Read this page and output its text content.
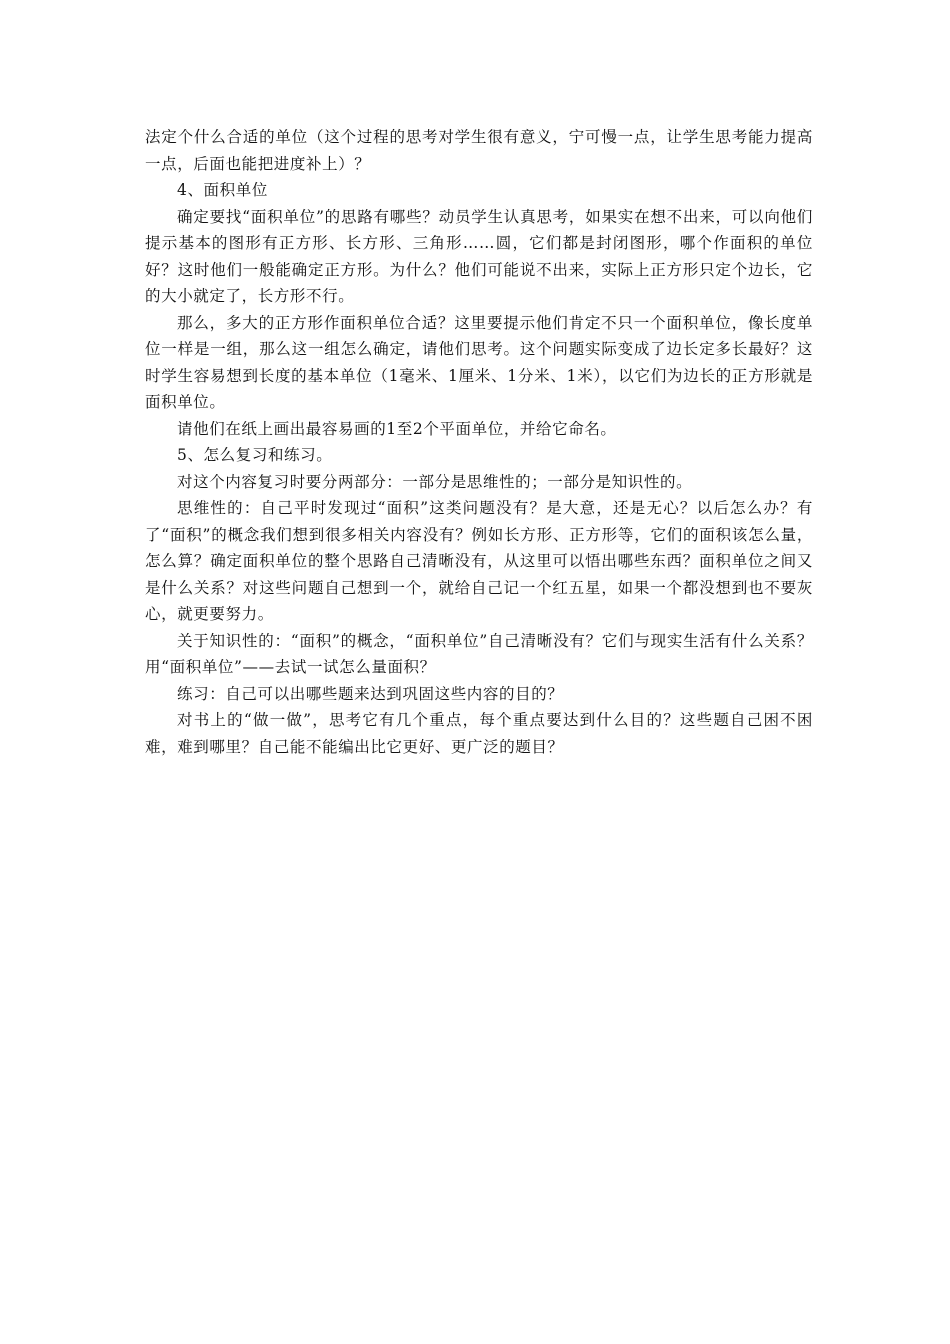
法定个什么合适的单位（这个过程的思考对学生很有意义，宁可慢一点，让学生思考能力提高一点，后面也能把进度补上）？

4、面积单位

确定要找“面积单位”的思路有哪些？动员学生认真思考，如果实在想不出来，可以向他们提示基本的图形有正方形、长方形、三角形……圆，它们都是封闭图形，哪个作面积的单位好？这时他们一般能确定正方形。为什么？他们可能说不出来，实际上正方形只定个边长，它的大小就定了，长方形不行。

那么，多大的正方形作面积单位合适？这里要提示他们肯定不只一个面积单位，像长度单位一样是一组，那么这一组怎么确定，请他们思考。这个问题实际变成了边长定多长最好？这时学生容易想到长度的基本单位（1毫米、1厘米、1分米、1米），以它们为边长的正方形就是面积单位。

请他们在纸上画出最容易画的1至2个平面单位，并给它命名。

5、怎么复习和练习。

对这个内容复习时要分两部分：一部分是思维性的；一部分是知识性的。

思维性的：自己平时发现过“面积”这类问题没有？是大意，还是无心？以后怎么办？有了“面积”的概念我们想到很多相关内容没有？例如长方形、正方形等，它们的面积该怎么量，怎么算？确定面积单位的整个思路自己清晰没有，从这里可以悟出哪些东西？面积单位之间又是什么关系？对这些问题自己想到一个，就给自己记一个红五星，如果一个都没想到也不要灰心，就更要努力。

关于知识性的：“面积”的概念，“面积单位”自己清晰没有？它们与现实生活有什么关系？用“面积单位”——去试一试怎么量面积？

练习：自己可以出哪些题来达到巩固这些内容的目的？

对书上的“做一做”，思考它有几个重点，每个重点要达到什么目的？这些题自己困不困难，难到哪里？自己能不能编出比它更好、更广泛的题目？
